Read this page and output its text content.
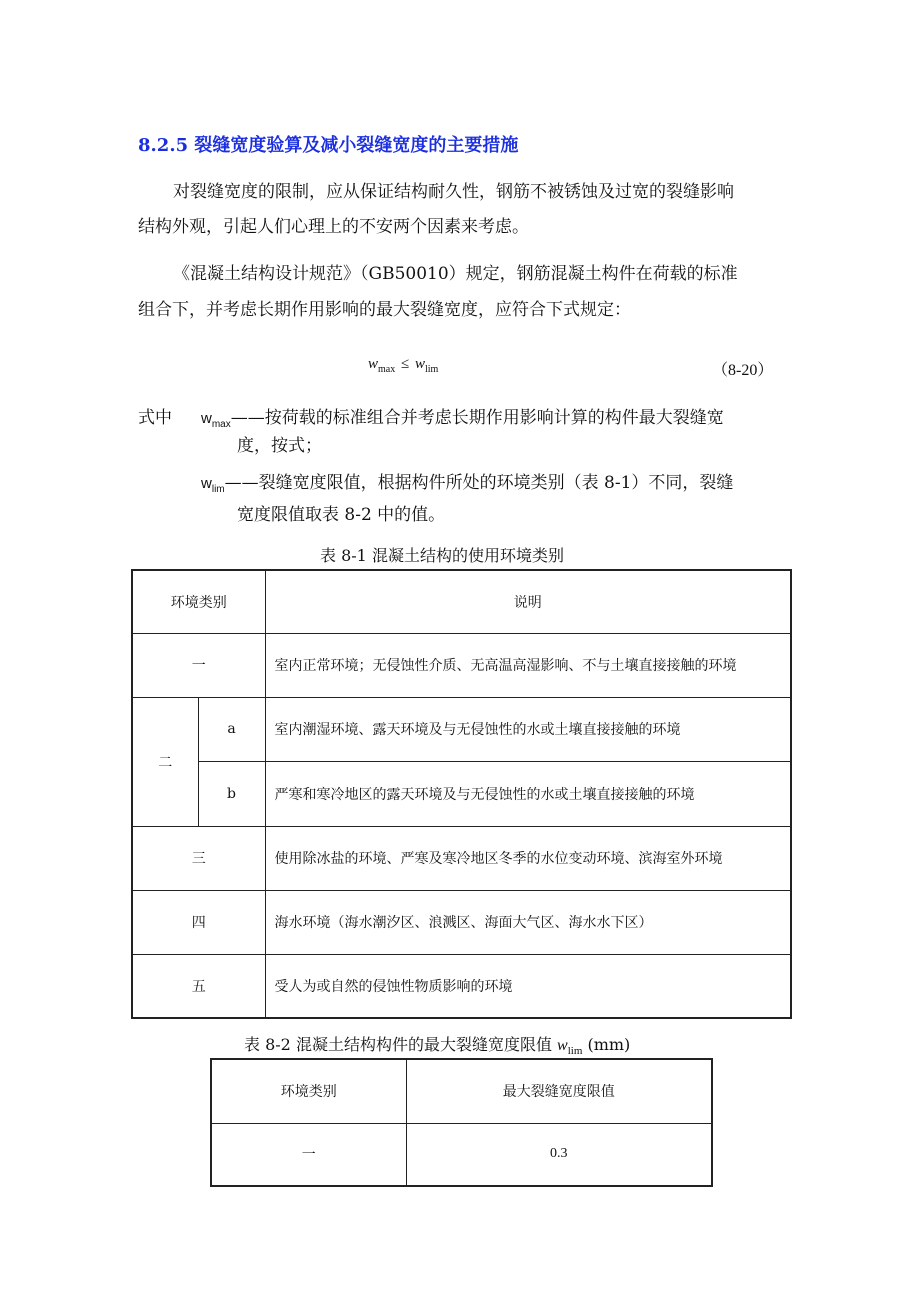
8.2.5 裂缝宽度验算及减小裂缝宽度的主要措施
对裂缝宽度的限制，应从保证结构耐久性，钢筋不被锈蚀及过宽的裂缝影响
结构外观，引起人们心理上的不安两个因素来考虑。
《混凝土结构设计规范》（GB50010）规定，钢筋混凝土构件在荷载的标准
组合下，并考虑长期作用影响的最大裂缝宽度，应符合下式规定：
$w_{max} \le w_{lim}$	（8-20）
式中 $w_{max}——$按荷载的标准组合并考虑长期作用影响计算的构件最大裂缝宽
度，按式；
$w_{lim}——$裂缝宽度限值，根据构件所处的环境类别（表 8-1）不同，裂缝
宽度限值取表 8-2 中的值。
表 8-1 混凝土结构的使用环境类别
环境类别		说明
一		室内正常环境；无侵蚀性介质、无高温高湿影响、不与土壤直接接触的环境
二	a	室内潮湿环境、露天环境及与无侵蚀性的水或土壤直接接触的环境
	b	严寒和寒冷地区的露天环境及与无侵蚀性的水或土壤直接接触的环境
三		使用除冰盐的环境、严寒及寒冷地区冬季的水位变动环境、滨海室外环境
四		海水环境（海水潮汐区、浪溅区、海面大气区、海水水下区）
五		受人为或自然的侵蚀性物质影响的环境
表 8-2 混凝土结构构件的最大裂缝宽度限值 $w_{lim}$ (mm)
环境类别	最大裂缝宽度限值
一	0.3
